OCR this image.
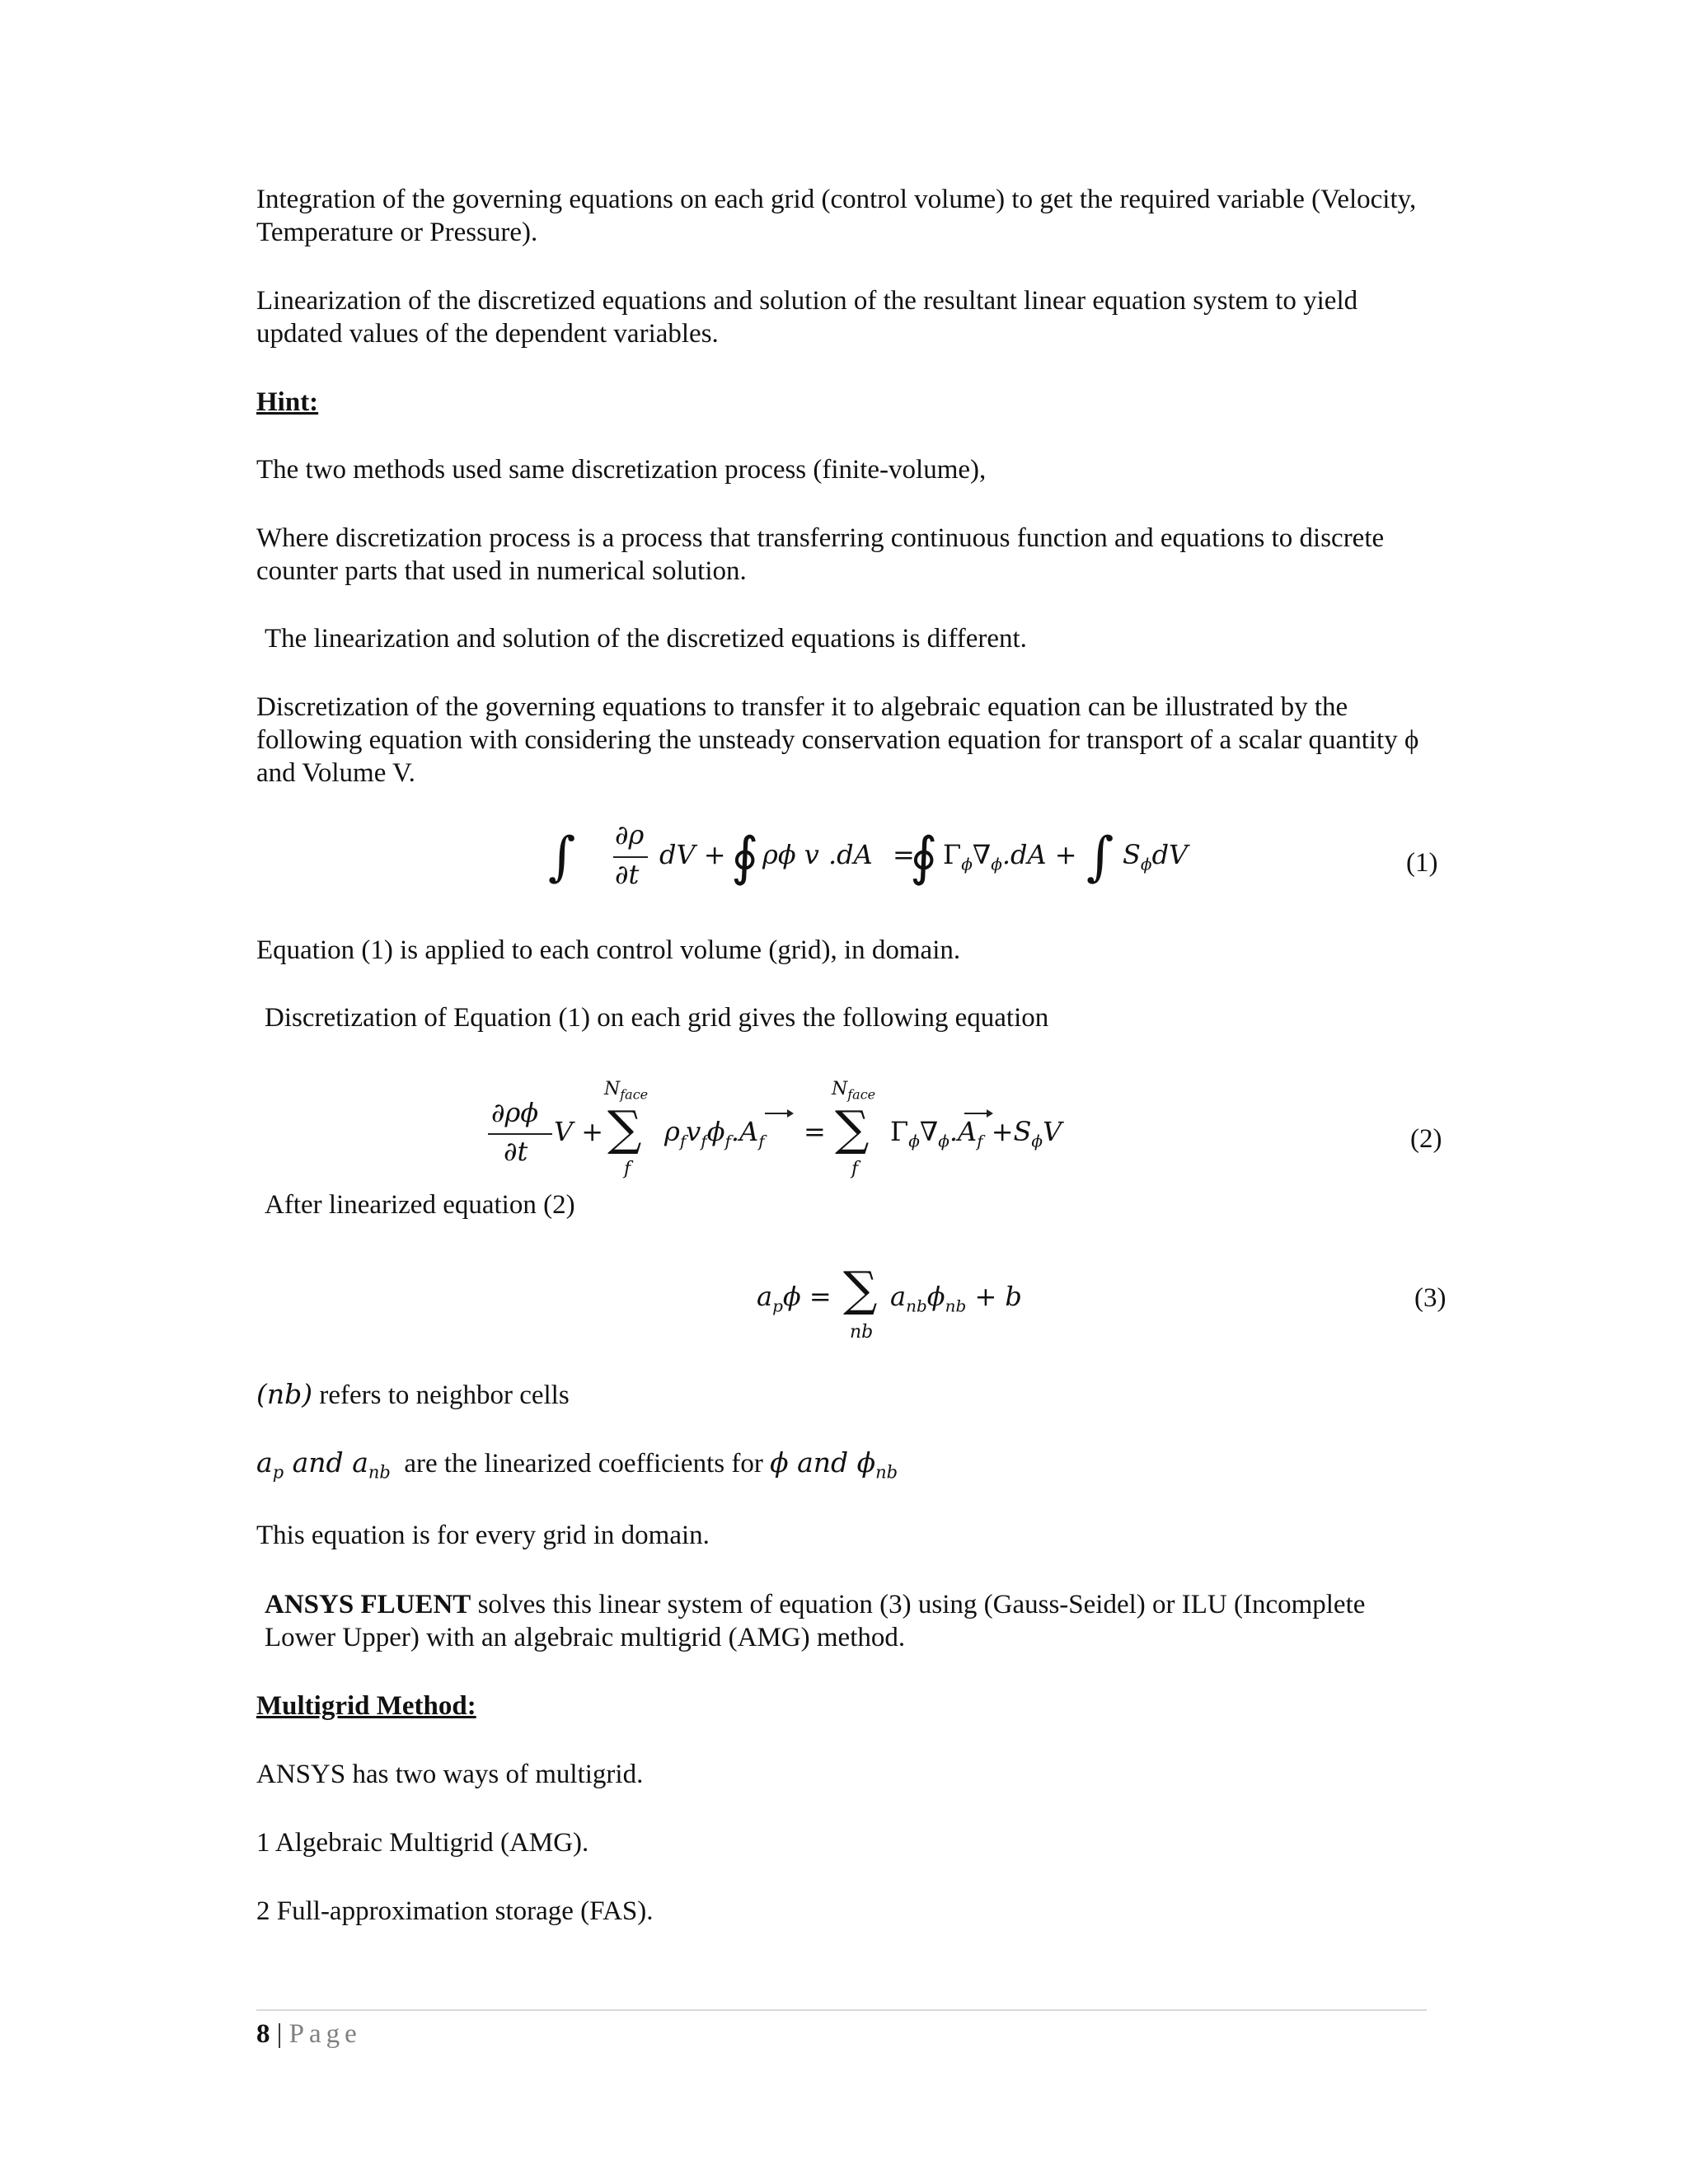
Integration of the governing equations on each grid (control volume) to get the required variable (Velocity, Temperature or Pressure).

Linearization of the discretized equations and solution of the resultant linear equation system to yield updated values of the dependent variables.

Hint:

The two methods used same discretization process (finite-volume),

Where discretization process is a process that transferring continuous function and equations to discrete counter parts that used in numerical solution.

The linearization and solution of the discretized equations is different.

Discretization of the governing equations to transfer it to algebraic equation can be illustrated by the following equation with considering the unsteady conservation equation for transport of a scalar quantity ϕ and Volume V.

∫ ∂ρ
∂t
dV + ∮ ρϕ v .dA =
∮ $\Gamma_\phi\nabla_\phi.dA$ + ∫ $S_\phi dV$	(1)

Equation (1) is applied to each control volume (grid), in domain.

Discretization of Equation (1) on each grid gives the following equation

∂ρϕ
∂t
V +
$N_{face}$
∑
f
$\rho_fv_f\phi_f.A_f$ =
$N_{face}$
∑
f
$\Gamma_\phi\nabla_\phi.A_f +S_\phi V$	(2)

After linearized equation (2)

$a_p\phi$ = ∑
nb
$a_{nb}\phi_{nb} + b$	(3)

(nb) refers to neighbor cells

$a_p$ and $a_{nb}$ are the linearized coefficients for ϕ and $\phi_{nb}$

This equation is for every grid in domain.

ANSYS FLUENT solves this linear system of equation (3) using (Gauss-Seidel) or ILU (Incomplete Lower Upper) with an algebraic multigrid (AMG) method.

Multigrid Method:

ANSYS has two ways of multigrid.

1 Algebraic Multigrid (AMG).

2 Full-approximation storage (FAS).

8 | Page
